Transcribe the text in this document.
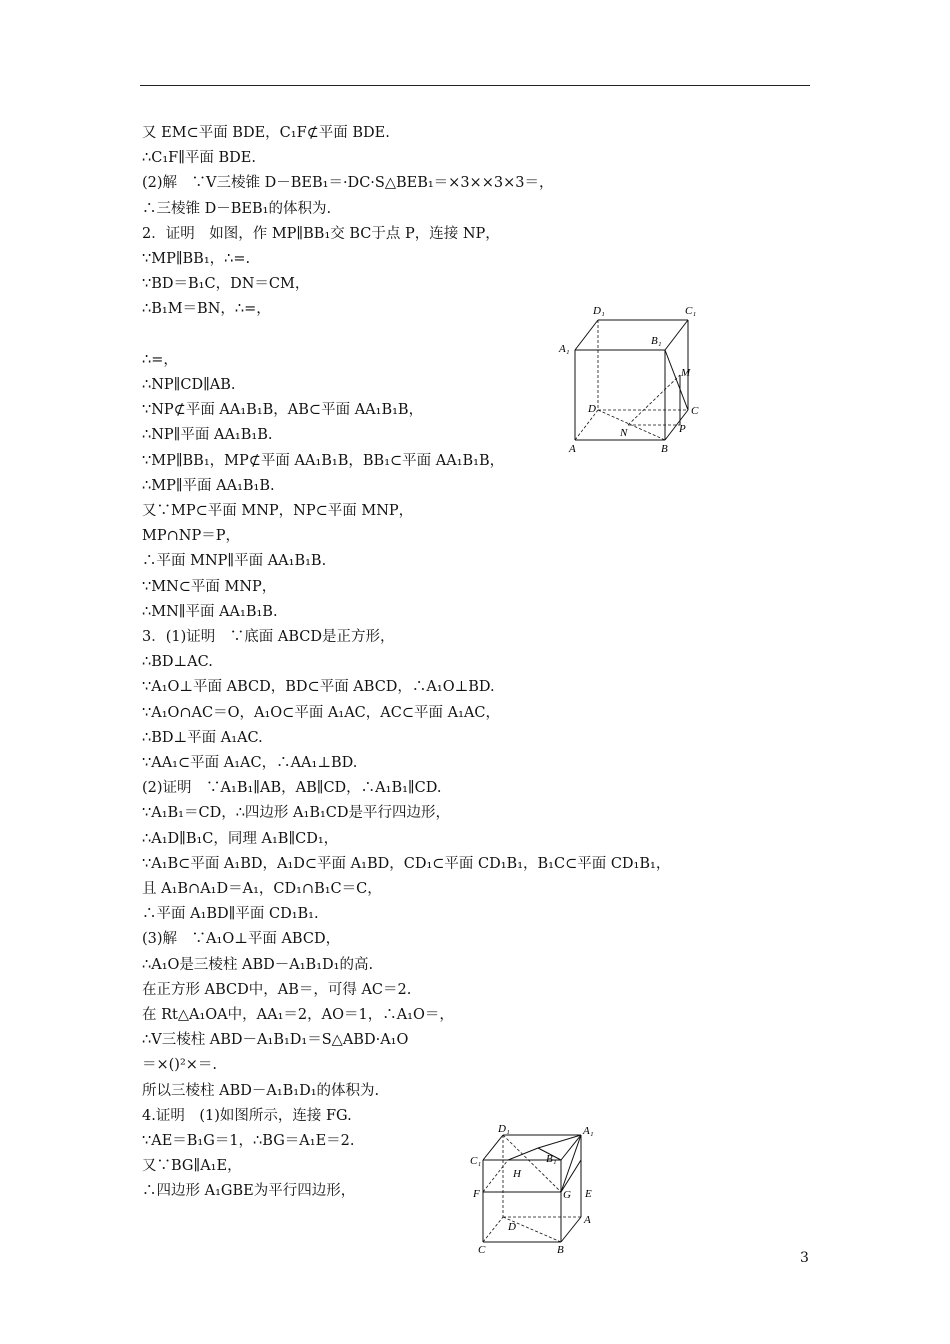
又 EM⊂平面 BDE，C₁F⊄平面 BDE.
∴C₁F∥平面 BDE.
(2)解　∵V三棱锥 D－BEB₁＝·DC·S△BEB₁＝×3××3×3＝，
∴三棱锥 D－BEB₁的体积为.
2．证明　如图，作 MP∥BB₁交 BC于点 P，连接 NP，
∵MP∥BB₁，∴=.
∵BD＝B₁C，DN＝CM，
∴B₁M＝BN，∴=，
∴=，
∴NP∥CD∥AB.
∵NP⊄平面 AA₁B₁B，AB⊂平面 AA₁B₁B，
∴NP∥平面 AA₁B₁B.
∵MP∥BB₁，MP⊄平面 AA₁B₁B，BB₁⊂平面 AA₁B₁B，
∴MP∥平面 AA₁B₁B.
又∵MP⊂平面 MNP，NP⊂平面 MNP，
MP∩NP＝P，
∴平面 MNP∥平面 AA₁B₁B.
∵MN⊂平面 MNP，
∴MN∥平面 AA₁B₁B.
3．(1)证明　∵底面 ABCD是正方形，
∴BD⊥AC.
∵A₁O⊥平面 ABCD，BD⊂平面 ABCD，∴A₁O⊥BD.
∵A₁O∩AC＝O，A₁O⊂平面 A₁AC，AC⊂平面 A₁AC，
∴BD⊥平面 A₁AC.
∵AA₁⊂平面 A₁AC，∴AA₁⊥BD.
(2)证明　∵A₁B₁∥AB，AB∥CD，∴A₁B₁∥CD.
∵A₁B₁＝CD，∴四边形 A₁B₁CD是平行四边形，
∴A₁D∥B₁C，同理 A₁B∥CD₁，
∵A₁B⊂平面 A₁BD，A₁D⊂平面 A₁BD，CD₁⊂平面 CD₁B₁，B₁C⊂平面 CD₁B₁，
且 A₁B∩A₁D＝A₁，CD₁∩B₁C＝C，
∴平面 A₁BD∥平面 CD₁B₁.
(3)解　∵A₁O⊥平面 ABCD，
∴A₁O是三棱柱 ABD－A₁B₁D₁的高.
在正方形 ABCD中，AB＝，可得 AC＝2.
在 Rt△A₁OA中，AA₁＝2，AO＝1，∴A₁O＝，
∴V三棱柱 ABD－A₁B₁D₁＝S△ABD·A₁O
＝×()²×＝.
所以三棱柱 ABD－A₁B₁D₁的体积为.
4.证明　(1)如图所示，连接 FG.
∵AE＝B₁G＝1，∴BG＝A₁E＝2.
又∵BG∥A₁E，
∴四边形 A₁GBE为平行四边形，
D₁	C₁
A₁
B₁
M
D	C
N	P
A	B
D₁	A₁
C₁	B₁
H
F	G E
D
A
C	B	3
